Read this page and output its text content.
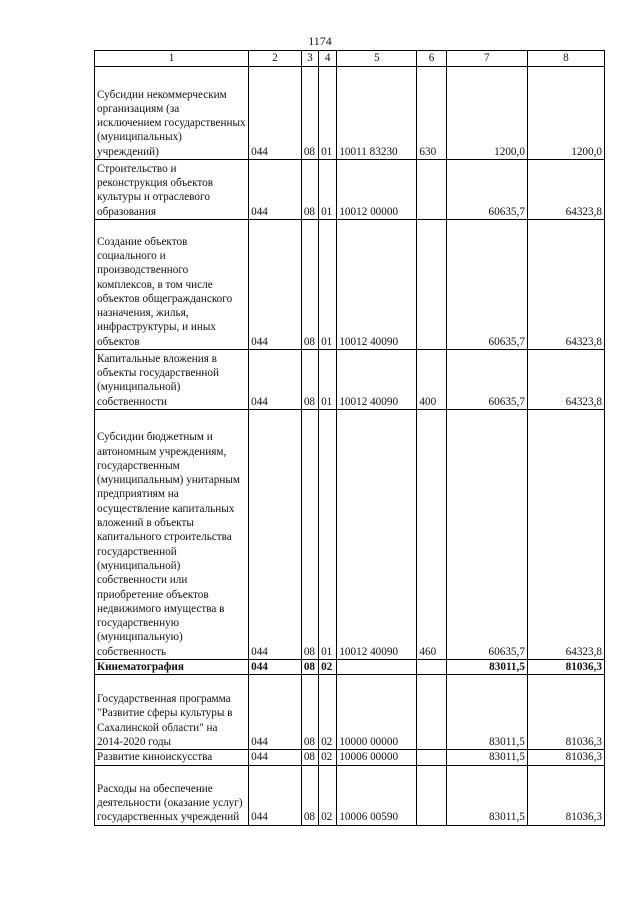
1174
1	2	3	4	5	6	7	8
Субсидии некоммерческим организациям (за исключением государственных (муниципальных) учреждений)	044	08	01	10011 83230	630	1200,0	1200,0
Строительство и реконструкция объектов культуры и отраслевого образования	044	08	01	10012 00000		60635,7	64323,8
Создание объектов социального и производственного комплексов, в том числе объектов общегражданского назначения, жилья, инфраструктуры, и иных объектов	044	08	01	10012 40090		60635,7	64323,8
Капитальные вложения в объекты государственной (муниципальной) собственности	044	08	01	10012 40090	400	60635,7	64323,8
Субсидии бюджетным и автономным учреждениям, государственным (муниципальным) унитарным предприятиям на осуществление капитальных вложений в объекты капитального строительства государственной (муниципальной) собственности или приобретение объектов недвижимого имущества в государственную (муниципальную) собственность	044	08	01	10012 40090	460	60635,7	64323,8
Кинематография	044	08	02			83011,5	81036,3
Государственная программа "Развитие сферы культуры в Сахалинской области" на 2014-2020 годы	044	08	02	10000 00000		83011,5	81036,3
Развитие киноискусства	044	08	02	10006 00000		83011,5	81036,3
Расходы на обеспечение деятельности (оказание услуг) государственных учреждений	044	08	02	10006 00590		83011,5	81036,3
